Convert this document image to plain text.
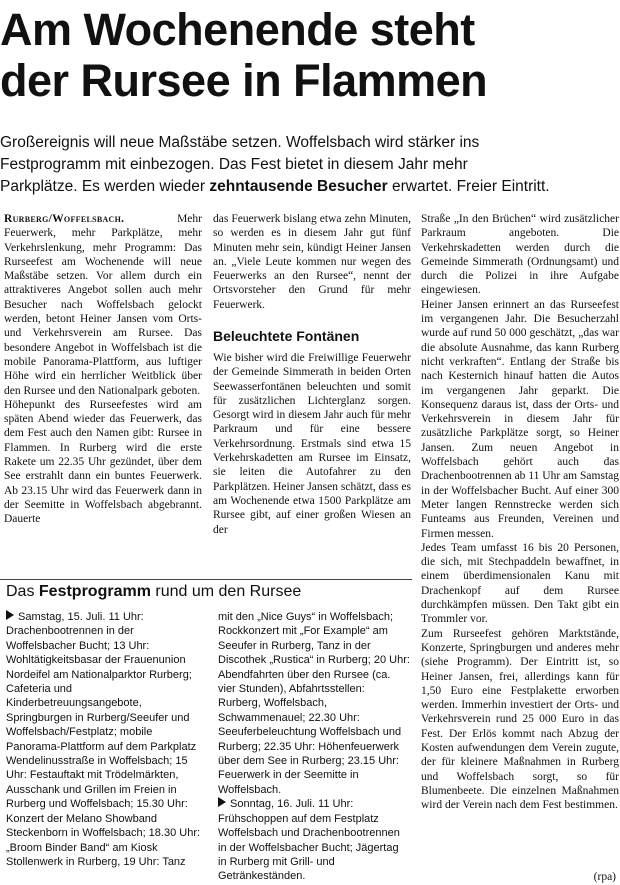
Am Wochenende steht
der Rursee in Flammen
Großereignis will neue Maßstäbe setzen. Woffelsbach wird stärker ins
Festprogramm mit einbezogen. Das Fest bietet in diesem Jahr mehr
Parkplätze. Es werden wieder zehntausende Besucher erwartet. Freier Eintritt.
Rurberg/Woffelsbach.	Mehr Feuerwerk, mehr Parkplätze, mehr Verkehrslenkung, mehr Programm: Das Rurseefest am Wochenende will neue Maßstäbe setzen. Vor allem durch ein attraktiveres Angebot sollen auch mehr Besucher nach Woffelsbach gelockt werden, betont Heiner Jansen vom Orts- und Verkehrsverein am Rursee. Das besondere Angebot in Woffelsbach ist die mobile Panorama-Plattform, aus luftiger Höhe wird ein herrlicher Weitblick über den Rursee und den Nationalpark geboten.
Höhepunkt des Rurseefestes wird am späten Abend wieder das Feuerwerk, das dem Fest auch den Namen gibt: Rursee in Flammen. In Rurberg wird die erste Rakete um 22.35 Uhr gezündet, über dem See erstrahlt dann ein buntes Feuerwerk. Ab 23.15 Uhr wird das Feuerwerk dann in der Seemitte in Woffelsbach abgebrannt. Dauerte
das Feuerwerk bislang etwa zehn Minuten, so werden es in diesem Jahr gut fünf Minuten mehr sein, kündigt Heiner Jansen an. „Viele Leute kommen nur wegen des Feuerwerks an den Rursee“, nennt der Ortsvorsteher den Grund für mehr Feuerwerk.
Beleuchtete Fontänen
Wie bisher wird die Freiwillige Feuerwehr der Gemeinde Simmerath in beiden Orten Seewasserfontänen beleuchten und somit für zusätzlichen Lichterglanz sorgen. Gesorgt wird in diesem Jahr auch für mehr Parkraum und für eine bessere Verkehrsordnung. Erstmals sind etwa 15 Verkehrskadetten am Rursee im Einsatz, sie leiten die Autofahrer zu den Parkplätzen. Heiner Jansen schätzt, dass es am Wochenende etwa 1500 Parkplätze am Rursee gibt, auf einer großen Wiesen an der
Straße „In den Brüchen“ wird zusätzlicher Parkraum angeboten. Die Verkehrskadetten werden durch die Gemeinde Simmerath (Ordnungsamt) und durch die Polizei in ihre Aufgabe eingewiesen.
Heiner Jansen erinnert an das Rurseefest im vergangenen Jahr. Die Besucherzahl wurde auf rund 50 000 geschätzt, „das war die absolute Ausnahme, das kann Rurberg nicht verkraften“. Entlang der Straße bis nach Kesternich hinauf hatten die Autos im vergangenen Jahr geparkt. Die Konsequenz daraus ist, dass der Orts- und Verkehrsverein in diesem Jahr für zusätzliche Parkplätze sorgt, so Heiner Jansen. Zum neuen Angebot in Woffelsbach gehört auch das Drachenbootrennen ab 11 Uhr am Samstag in der Woffelsbacher Bucht. Auf einer 300 Meter langen Rennstrecke werden sich Funteams aus Freunden, Vereinen und Firmen messen.
Jedes Team umfasst 16 bis 20 Personen, die sich, mit Stechpaddeln bewaffnet, in einem überdimensionalen Kanu mit Drachenkopf auf dem Rursee durchkämpfen müssen. Den Takt gibt ein Trommler vor.
Zum Rurseefest gehören Marktstände, Konzerte, Springburgen und anderes mehr (siehe Programm). Der Eintritt ist, so Heiner Jansen, frei, allerdings kann für 1,50 Euro eine Festplakette erworben werden. Immerhin investiert der Orts- und Verkehrsverein rund 25 000 Euro in das Fest. Der Erlös kommt nach Abzug der Kosten aufwendungen dem Verein zugute, der für kleinere Maßnahmen in Rurberg und Woffelsbach sorgt, so für Blumenbeete. Die einzelnen Maßnahmen wird der Verein nach dem Fest bestimmen.
(rpa)
Das Festprogramm rund um den Rursee
Samstag, 15. Juli. 11 Uhr: Drachenbootrennen in der Woffelsbacher Bucht; 13 Uhr: Wohltätigkeitsbasar der Frauenunion Nordeifel am Nationalparktor Rurberg; Cafeteria und Kinderbetreuungsangebote, Springburgen in Rurberg/Seeufer und Woffelsbach/Festplatz; mobile Panorama-Plattform auf dem Parkplatz Wendelinusstraße in Woffelsbach; 15 Uhr: Festauftakt mit Trödelmärkten, Ausschank und Grillen im Freien in Rurberg und Woffelsbach; 15.30 Uhr: Konzert der Melano Showband Steckenborn in Woffelsbach; 18.30 Uhr: „Broom Binder Band“ am Kiosk Stollenwerk in Rurberg, 19 Uhr: Tanz
mit den „Nice Guys“ in Woffelsbach; Rockkonzert mit „For Example“ am Seeufer in Rurberg, Tanz in der Discothek „Rustica“ in Rurberg; 20 Uhr: Abendfahrten über den Rursee (ca. vier Stunden), Abfahrtsstellen: Rurberg, Woffelsbach, Schwammenauel; 22.30 Uhr: Seeuferbeleuchtung Woffelsbach und Rurberg; 22.35 Uhr: Höhenfeuerwerk über dem See in Rurberg; 23.15 Uhr: Feuerwerk in der Seemitte in Woffelsbach.
Sonntag, 16. Juli. 11 Uhr: Frühschoppen auf dem Festplatz Woffelsbach und Drachenbootrennen in der Woffelsbacher Bucht; Jägertag in Rurberg mit Grill- und Getränkeständen.
